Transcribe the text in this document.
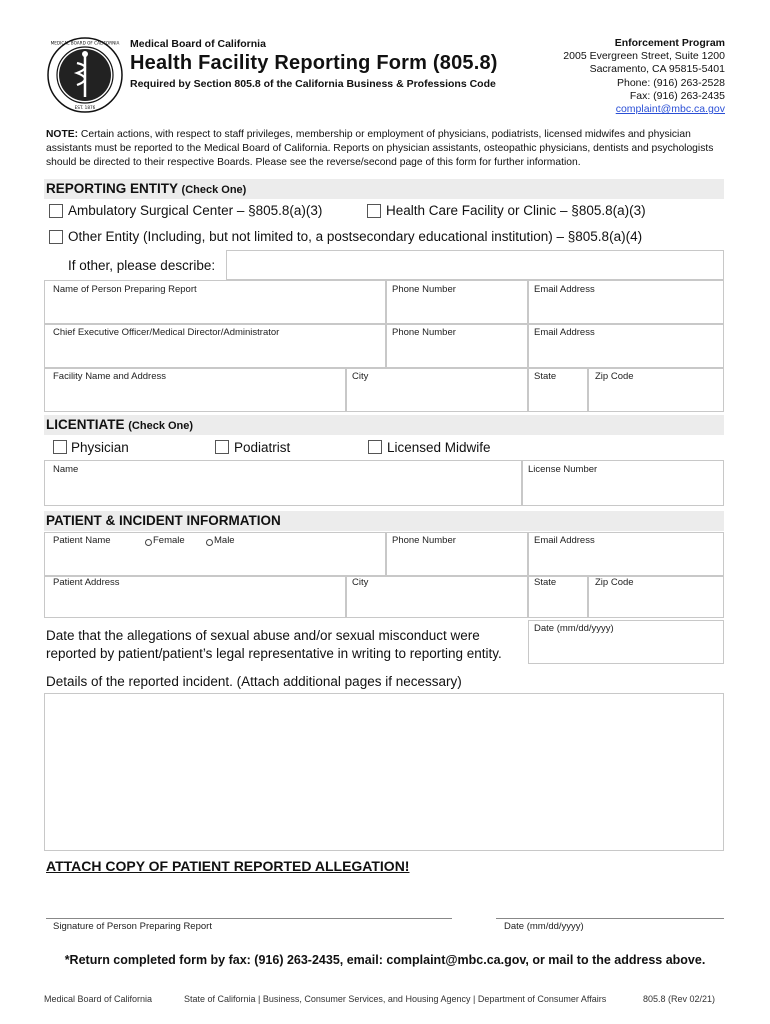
MEDICAL BOARD OF CALIFORNIA
EST. 1876
Medical Board of California
Health Facility Reporting Form (805.8)
Required by Section 805.8 of the California Business & Professions Code
Enforcement Program
2005 Evergreen Street, Suite 1200
Sacramento, CA 95815-5401
Phone: (916) 263-2528
Fax: (916) 263-2435
complaint@mbc.ca.gov
NOTE: Certain actions, with respect to staff privileges, membership or employment of physicians, podiatrists, licensed midwifes and physician assistants must be reported to the Medical Board of California. Reports on physician assistants, osteopathic physicians, dentists and psychologists should be directed to their respective Boards. Please see the reverse/second page of this form for further information.
REPORTING ENTITY (Check One)
Ambulatory Surgical Center – §805.8(a)(3)	Health Care Facility or Clinic – §805.8(a)(3)
Other Entity (Including, but not limited to, a postsecondary educational institution) – §805.8(a)(4)
If other, please describe:
Name of Person Preparing Report	Phone Number	Email Address
Chief Executive Officer/Medical Director/Administrator	Phone Number	Email Address
Facility Name and Address	City	State	Zip Code
LICENTIATE (Check One)
Physician	Podiatrist	Licensed Midwife
Name	License Number
PATIENT & INCIDENT INFORMATION
Patient Name	Female	Male	Phone Number	Email Address
Patient Address	City	State	Zip Code
Date that the allegations of sexual abuse and/or sexual misconduct were reported by patient/patient’s legal representative in writing to reporting entity.
Date (mm/dd/yyyy)
Details of the reported incident. (Attach additional pages if necessary)
ATTACH COPY OF PATIENT REPORTED ALLEGATION!
Signature of Person Preparing Report	Date (mm/dd/yyyy)
*Return completed form by fax: (916) 263-2435, email: complaint@mbc.ca.gov, or mail to the address above.
Medical Board of California	State of California | Business, Consumer Services, and Housing Agency | Department of Consumer Affairs	805.8 (Rev 02/21)
